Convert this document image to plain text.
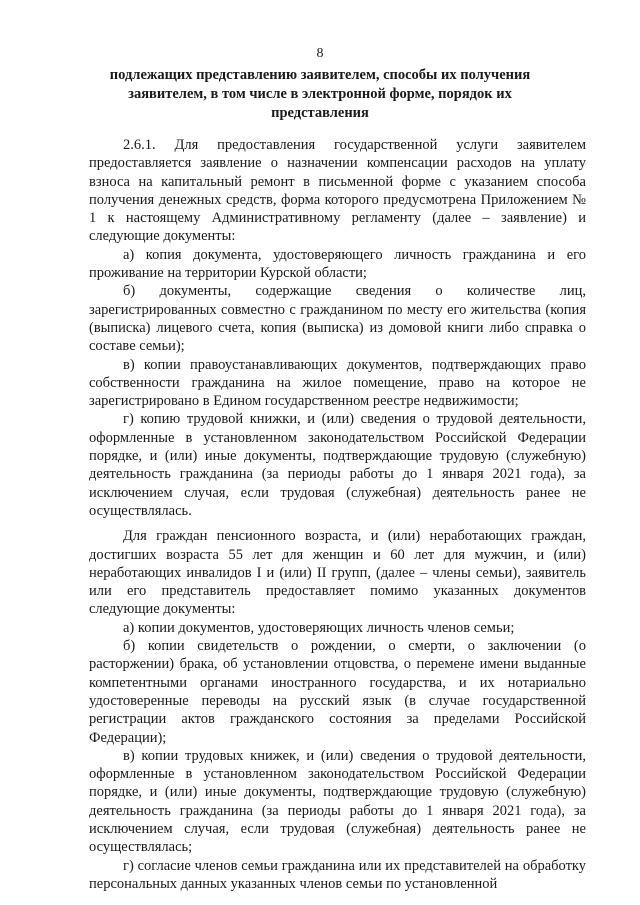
8
подлежащих представлению заявителем, способы их получения заявителем, в том числе в электронной форме, порядок их представления

2.6.1. Для предоставления государственной услуги заявителем предоставляется заявление о назначении компенсации расходов на уплату взноса на капитальный ремонт в письменной форме с указанием способа получения денежных средств, форма которого предусмотрена Приложением № 1 к настоящему Административному регламенту (далее – заявление) и следующие документы:

а) копия документа, удостоверяющего личность гражданина и его проживание на территории Курской области;

б) документы, содержащие сведения о количестве лиц, зарегистрированных совместно с гражданином по месту его жительства (копия (выписка) лицевого счета, копия (выписка) из домовой книги либо справка о составе семьи);

в) копии правоустанавливающих документов, подтверждающих право собственности гражданина на жилое помещение, право на которое не зарегистрировано в Едином государственном реестре недвижимости;

г) копию трудовой книжки, и (или) сведения о трудовой деятельности, оформленные в установленном законодательством Российской Федерации порядке, и (или) иные документы, подтверждающие трудовую (служебную) деятельность гражданина (за периоды работы до 1 января 2021 года), за исключением случая, если трудовая (служебная) деятельность ранее не осуществлялась.

Для граждан пенсионного возраста, и (или) неработающих граждан, достигших возраста 55 лет для женщин и 60 лет для мужчин, и (или) неработающих инвалидов I и (или) II групп, (далее – члены семьи), заявитель или его представитель предоставляет помимо указанных документов следующие документы:

а) копии документов, удостоверяющих личность членов семьи;

б) копии свидетельств о рождении, о смерти, о заключении (о расторжении) брака, об установлении отцовства, о перемене имени выданные компетентными органами иностранного государства, и их нотариально удостоверенные переводы на русский язык (в случае государственной регистрации актов гражданского состояния за пределами Российской Федерации);

в) копии трудовых книжек, и (или) сведения о трудовой деятельности, оформленные в установленном законодательством Российской Федерации порядке, и (или) иные документы, подтверждающие трудовую (служебную) деятельность гражданина (за периоды работы до 1 января 2021 года), за исключением случая, если трудовая (служебная) деятельность ранее не осуществлялась;

г) согласие членов семьи гражданина или их представителей на обработку персональных данных указанных членов семьи по установленной
